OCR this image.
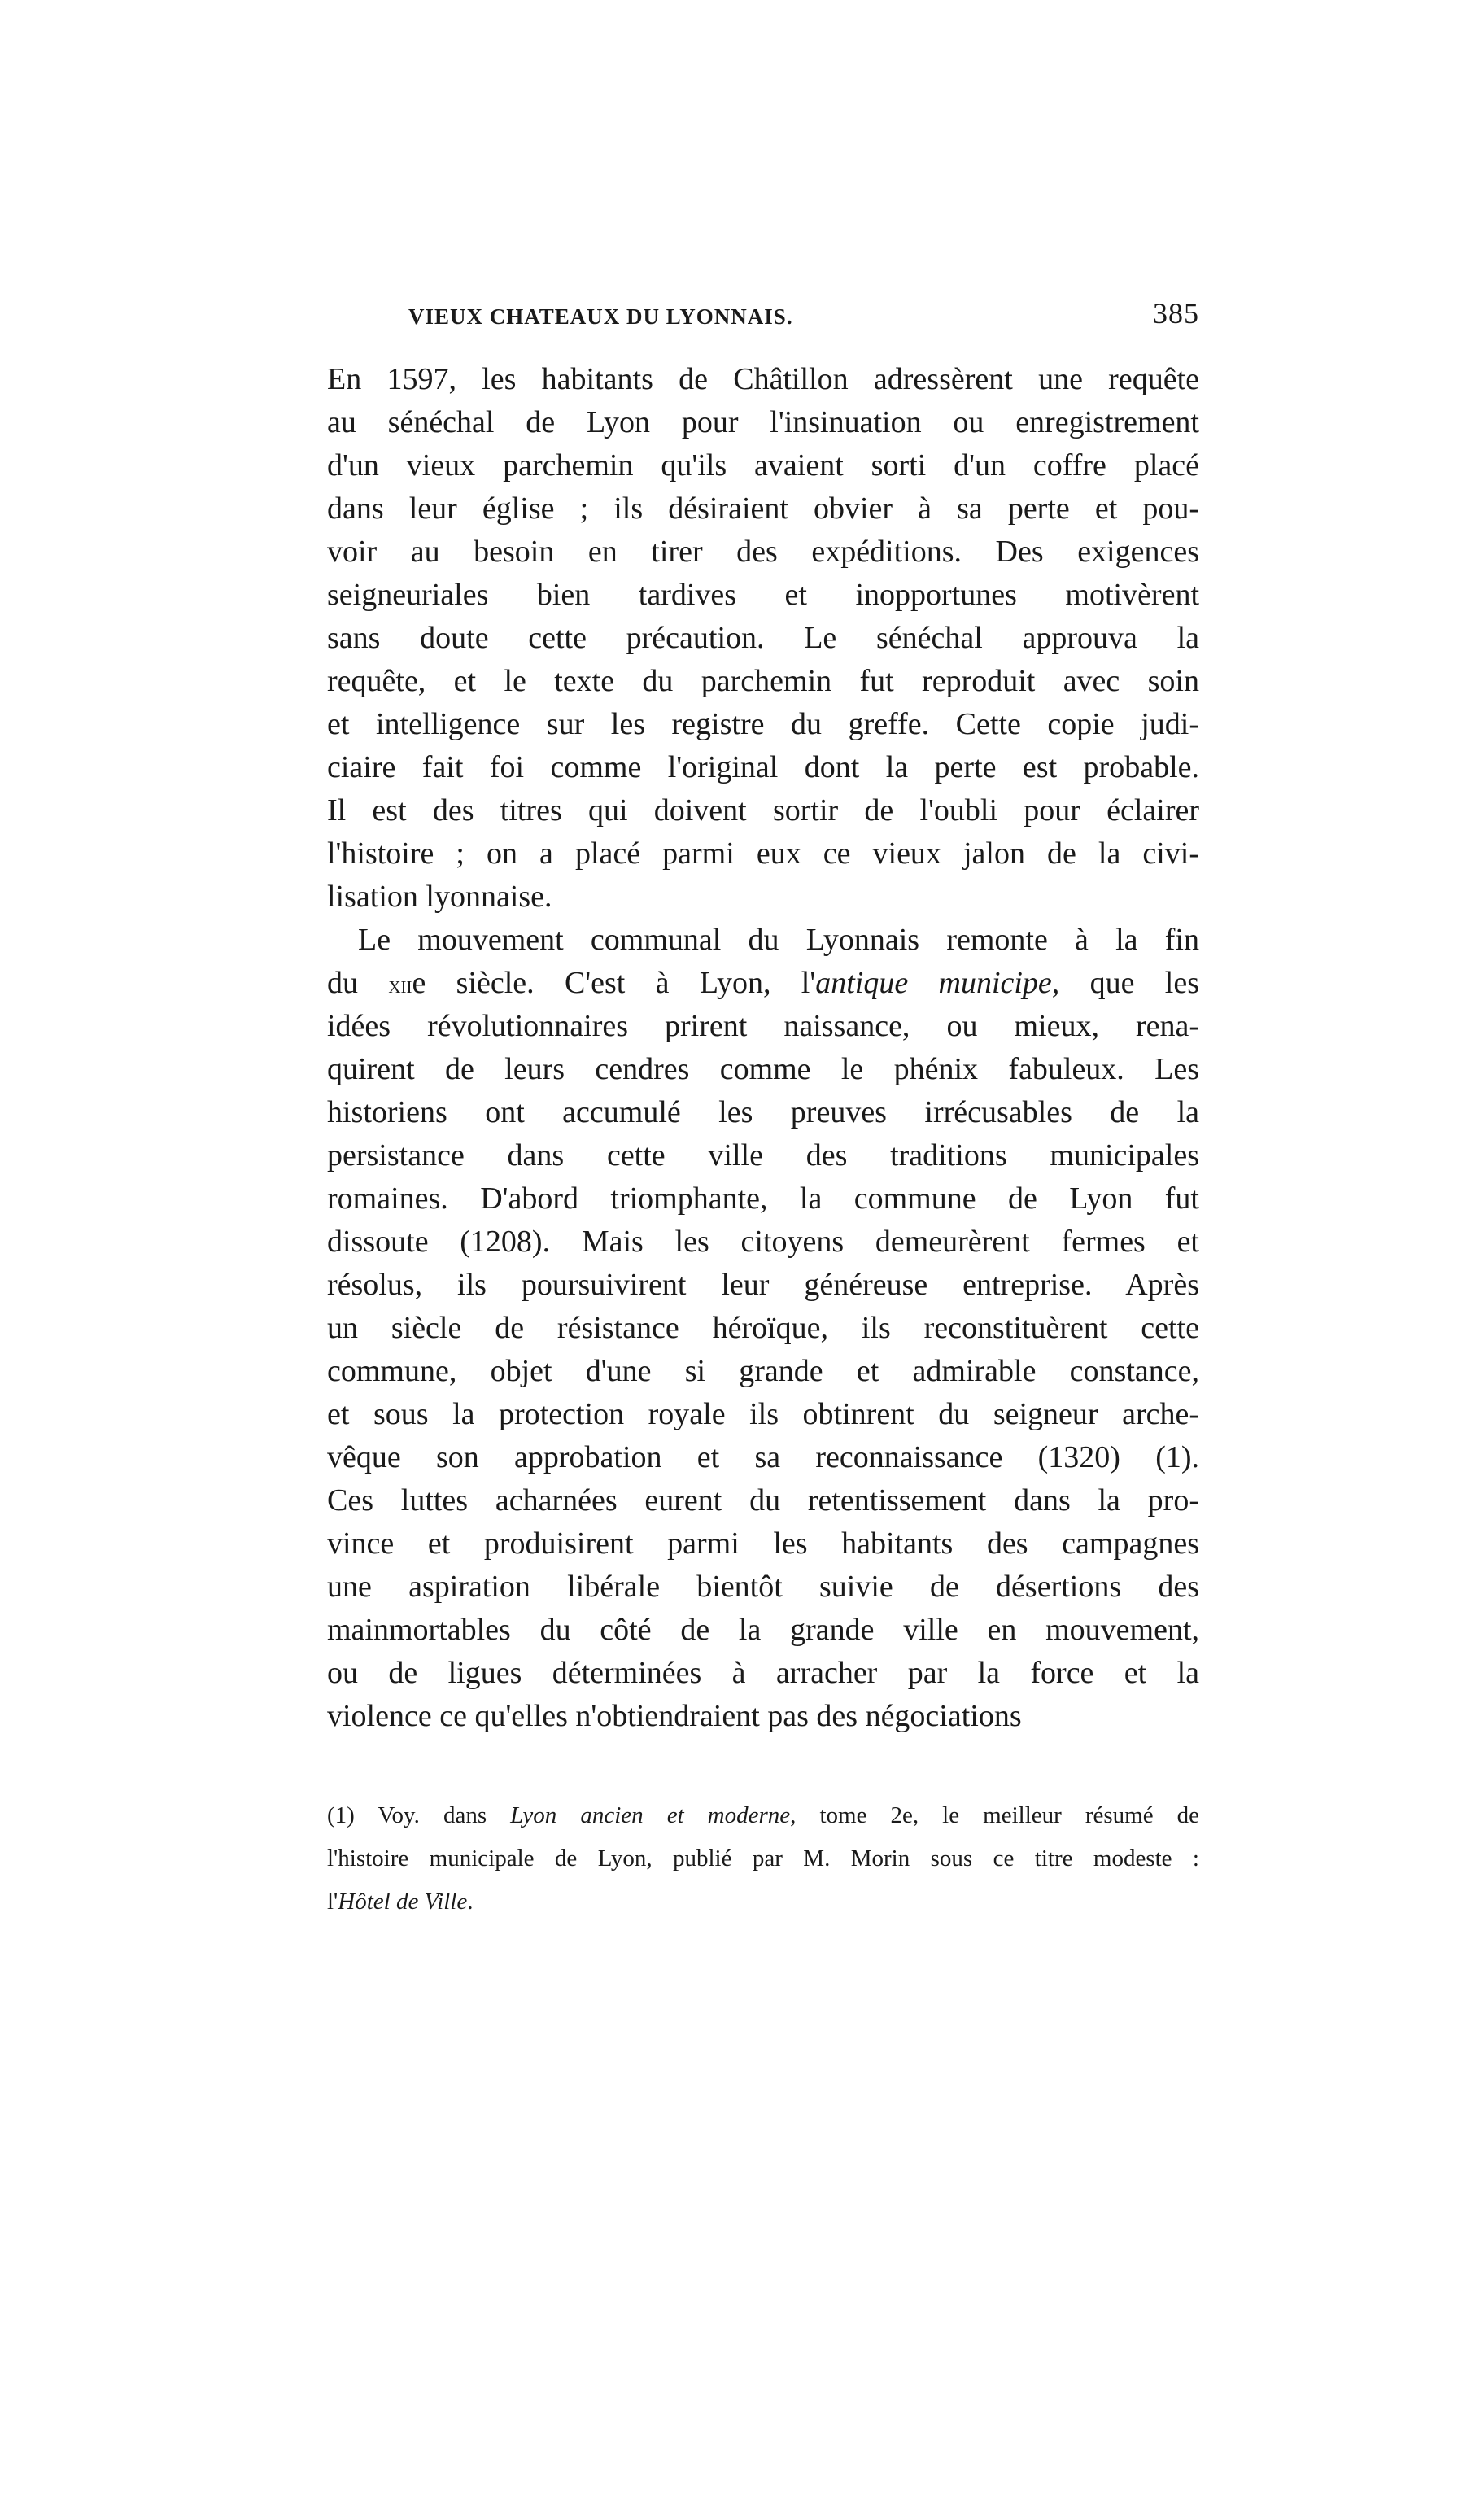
VIEUX CHATEAUX DU LYONNAIS.	385
En 1597, les habitants de Châtillon adressèrent une requête
au sénéchal de Lyon pour l'insinuation ou enregistrement
d'un vieux parchemin qu'ils avaient sorti d'un coffre placé
dans leur église ; ils désiraient obvier à sa perte et pou-
voir au besoin en tirer des expéditions. Des exigences
seigneuriales bien tardives et inopportunes motivèrent
sans doute cette précaution. Le sénéchal approuva la
requête, et le texte du parchemin fut reproduit avec soin
et intelligence sur les registre du greffe. Cette copie judi-
ciaire fait foi comme l'original dont la perte est probable.
Il est des titres qui doivent sortir de l'oubli pour éclairer
l'histoire ; on a placé parmi eux ce vieux jalon de la civi-
lisation lyonnaise.
Le mouvement communal du Lyonnais remonte à la fin
du xiie siècle. C'est à Lyon, l'antique municipe, que les
idées révolutionnaires prirent naissance, ou mieux, rena-
quirent de leurs cendres comme le phénix fabuleux. Les
historiens ont accumulé les preuves irrécusables de la
persistance dans cette ville des traditions municipales
romaines. D'abord triomphante, la commune de Lyon fut
dissoute (1208). Mais les citoyens demeurèrent fermes et
résolus, ils poursuivirent leur généreuse entreprise. Après
un siècle de résistance héroïque, ils reconstituèrent cette
commune, objet d'une si grande et admirable constance,
et sous la protection royale ils obtinrent du seigneur arche-
vêque son approbation et sa reconnaissance (1320) (1).
Ces luttes acharnées eurent du retentissement dans la pro-
vince et produisirent parmi les habitants des campagnes
une aspiration libérale bientôt suivie de désertions des
mainmortables du côté de la grande ville en mouvement,
ou de ligues déterminées à arracher par la force et la
violence ce qu'elles n'obtiendraient pas des négociations
(1) Voy. dans Lyon ancien et moderne, tome 2e, le meilleur résumé de
l'histoire municipale de Lyon, publié par M. Morin sous ce titre modeste :
l'Hôtel de Ville.
